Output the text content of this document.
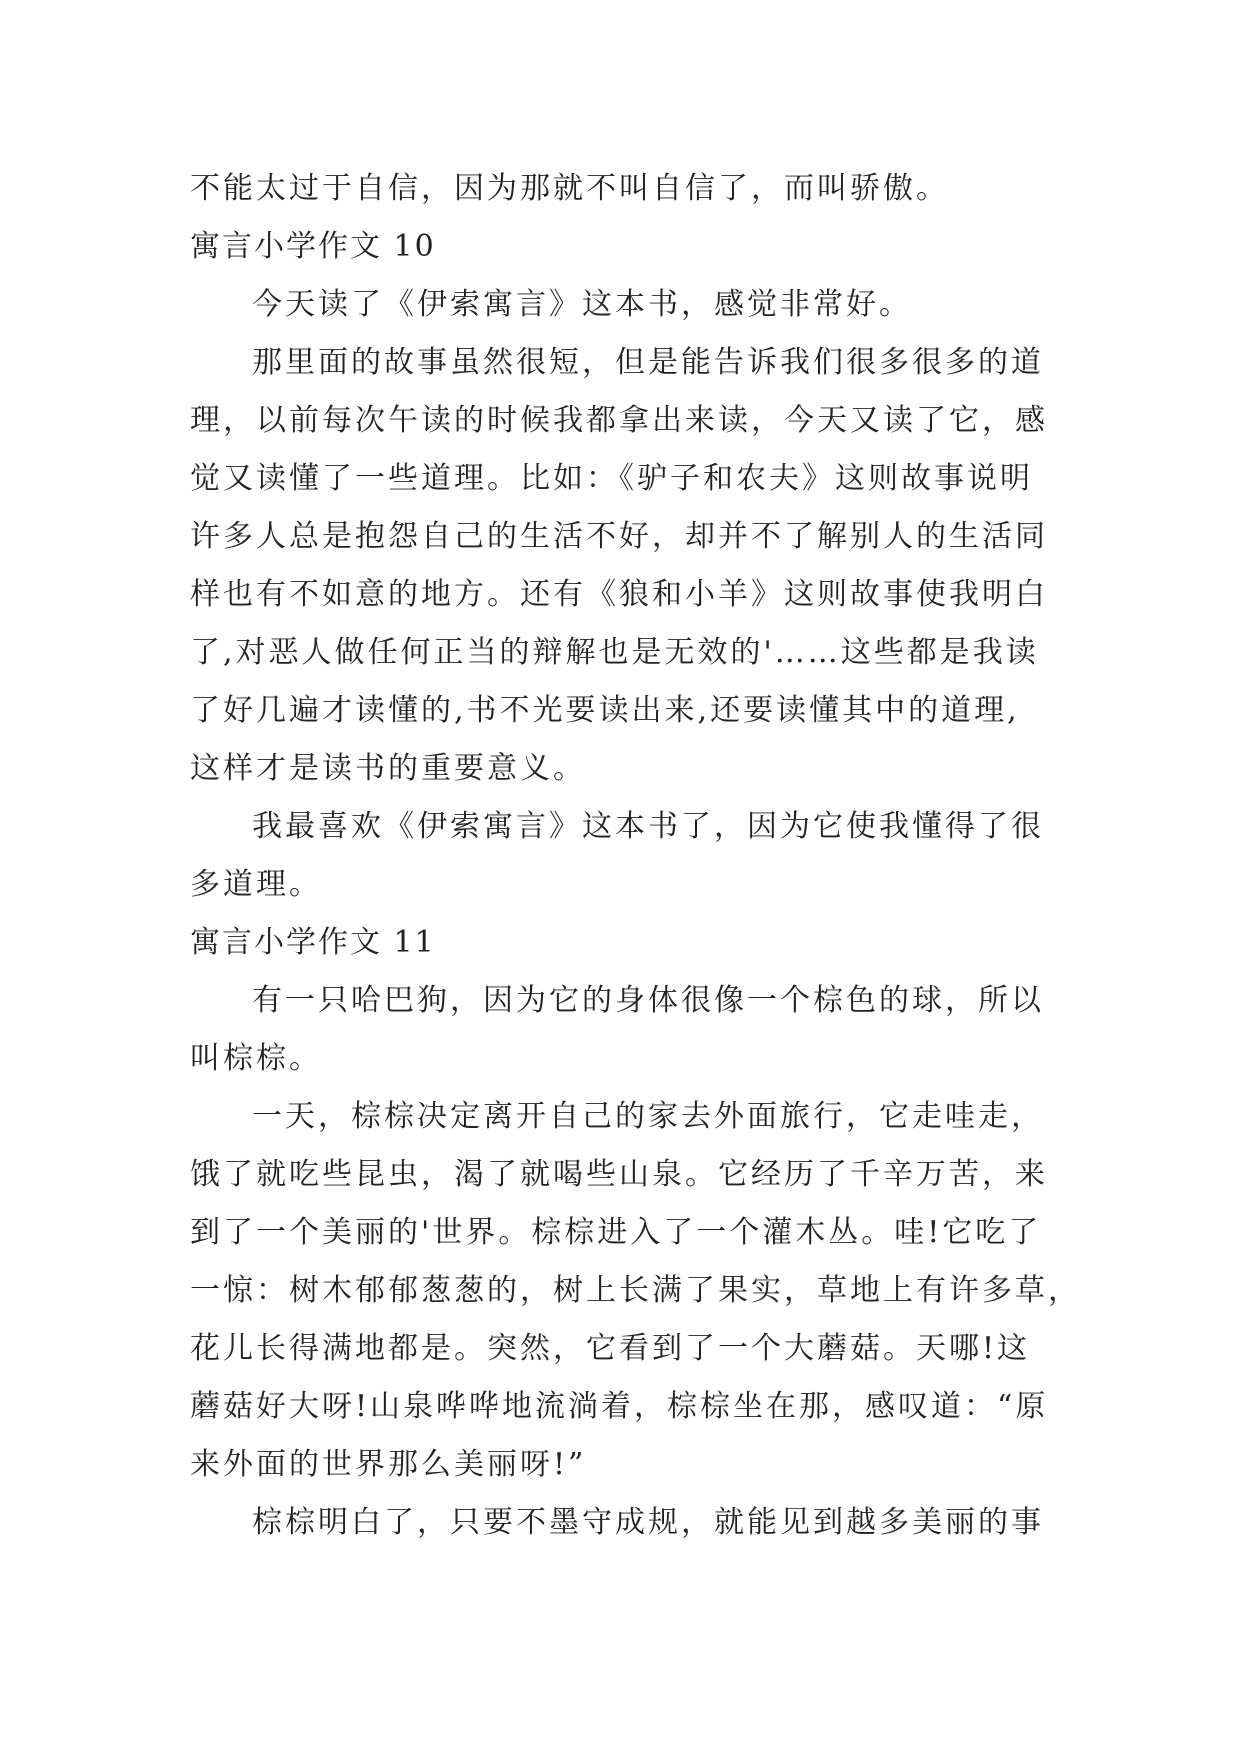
不能太过于自信，因为那就不叫自信了，而叫骄傲。
寓言小学作文 10
今天读了《伊索寓言》这本书，感觉非常好。
那里面的故事虽然很短，但是能告诉我们很多很多的道
理，以前每次午读的时候我都拿出来读，今天又读了它，感
觉又读懂了一些道理。比如：《驴子和农夫》这则故事说明
许多人总是抱怨自己的生活不好，却并不了解别人的生活同
样也有不如意的地方。还有《狼和小羊》这则故事使我明白
了,对恶人做任何正当的辩解也是无效的'……这些都是我读
了好几遍才读懂的,书不光要读出来,还要读懂其中的道理,
这样才是读书的重要意义。
我最喜欢《伊索寓言》这本书了，因为它使我懂得了很
多道理。
寓言小学作文 11
有一只哈巴狗，因为它的身体很像一个棕色的球，所以
叫棕棕。
一天，棕棕决定离开自己的家去外面旅行，它走哇走，
饿了就吃些昆虫，渴了就喝些山泉。它经历了千辛万苦，来
到了一个美丽的'世界。棕棕进入了一个灌木丛。哇!它吃了
一惊：树木郁郁葱葱的，树上长满了果实，草地上有许多草，
花儿长得满地都是。突然，它看到了一个大蘑菇。天哪!这
蘑菇好大呀!山泉哗哗地流淌着，棕棕坐在那，感叹道：“原
来外面的世界那么美丽呀!”
棕棕明白了，只要不墨守成规，就能见到越多美丽的事
